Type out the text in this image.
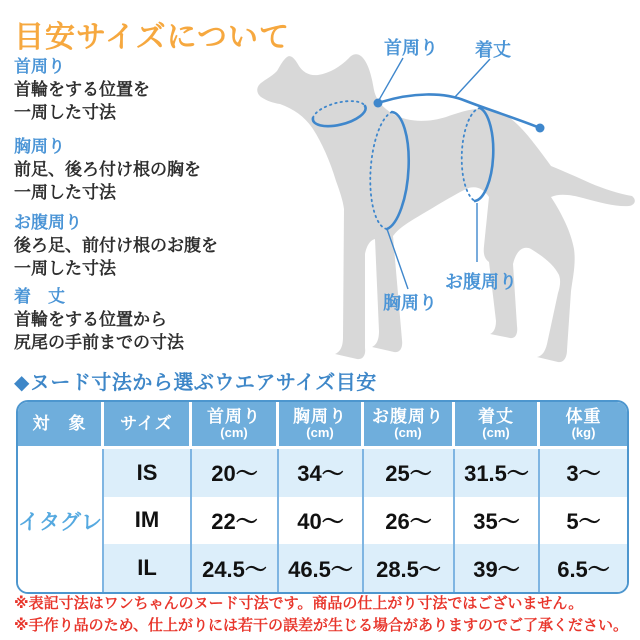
目安サイズについて
首周り
首輪をする位置を
一周した寸法
胸周り
前足、後ろ付け根の胸を
一周した寸法
お腹周り
後ろ足、前付け根のお腹を
一周した寸法
着　丈
首輪をする位置から
尻尾の手前までの寸法
首周り 着丈
胸周り
お腹周り
◆ヌード寸法から選ぶウエアサイズ目安
対　象 サイズ 首周り
(cm)
胸周り
(cm)
お腹周り
(cm)
着丈
(cm)
体重
(kg)
イタグレ
IS	20～	34～	25～	31.5～	3～
IM	22～	40～	26～	35～	5～
IL	24.5～ 46.5～	28.5～	39～	6.5～
※表記寸法はワンちゃんのヌード寸法です。商品の仕上がり寸法ではございません。
※手作り品のため、仕上がりには若干の誤差が生じる場合がありますのでご了承ください。
